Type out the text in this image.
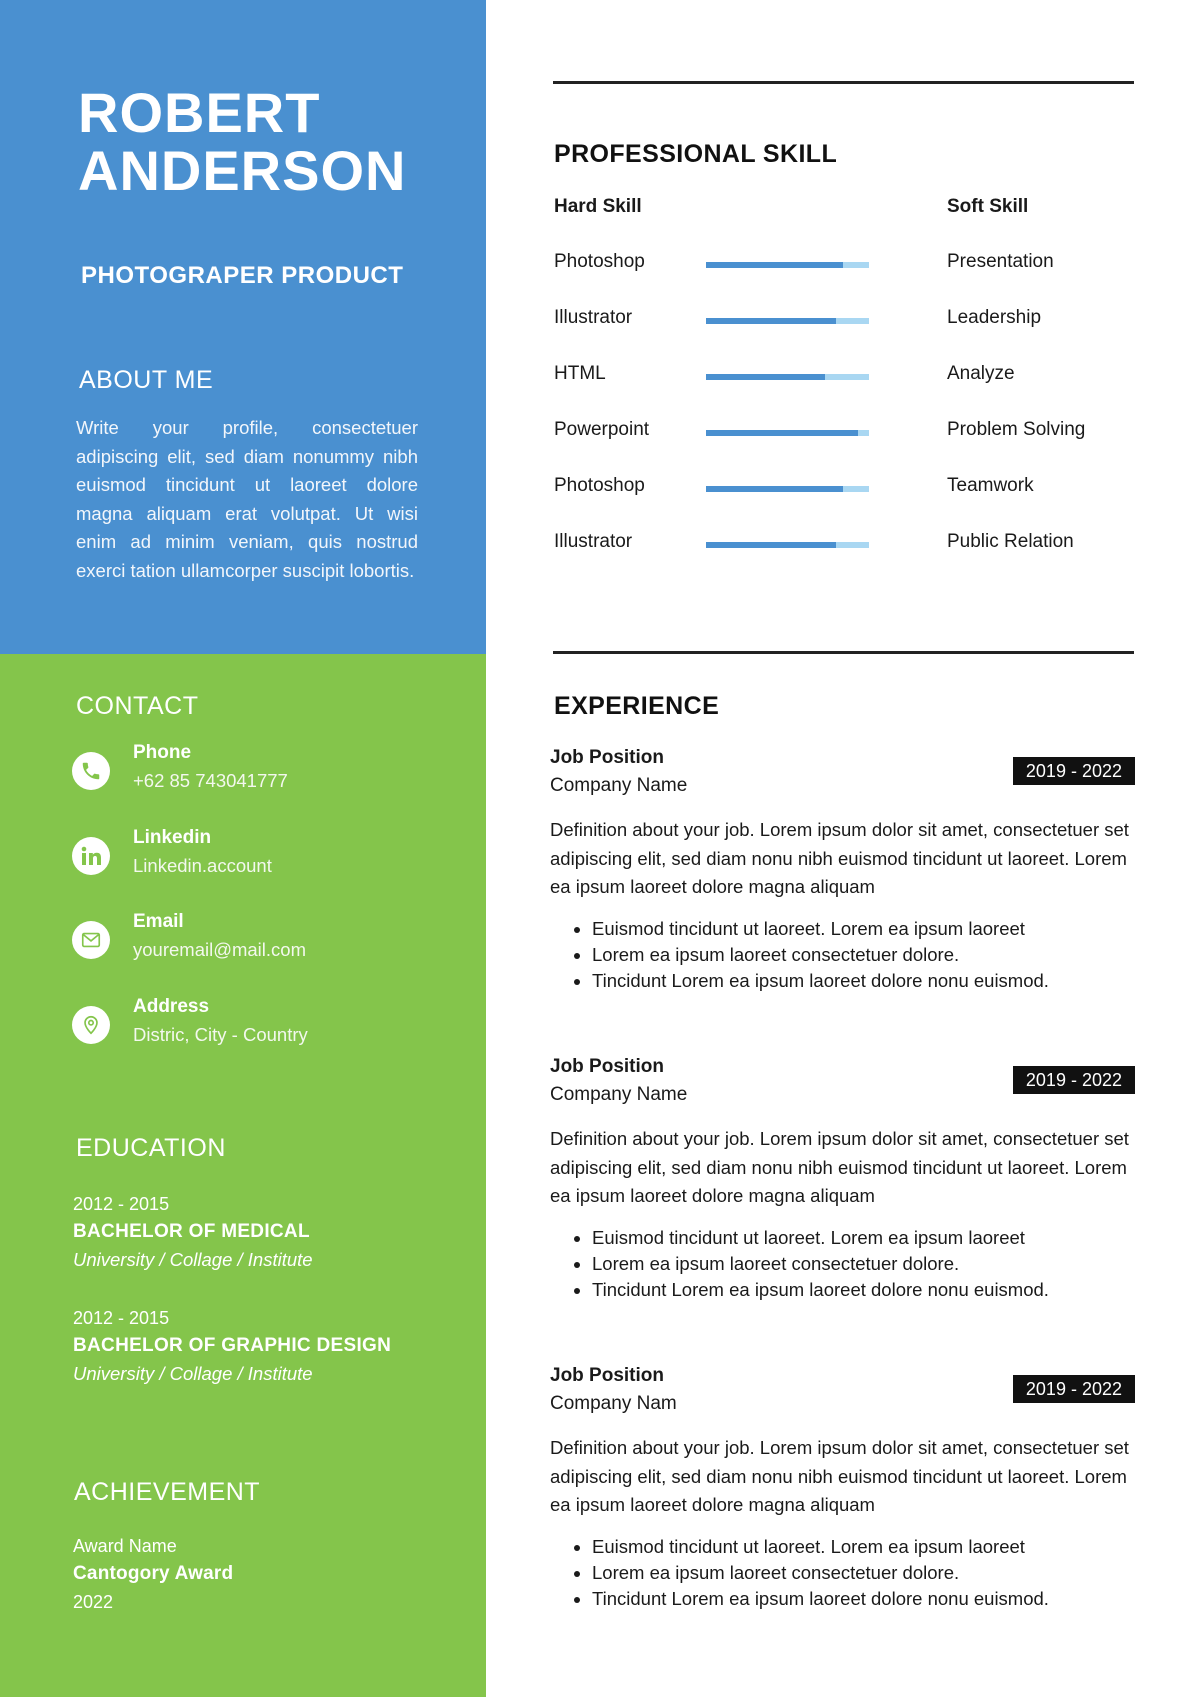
ROBERT
ANDERSON
PHOTOGRAPER PRODUCT
ABOUT ME
Write your profile, consectetuer adipiscing elit, sed diam nonummy nibh euismod tincidunt ut laoreet dolore magna aliquam erat volutpat. Ut wisi enim ad minim veniam, quis nostrud exerci tation ullamcorper suscipit lobortis.
CONTACT
Phone
+62 85 743041777
Linkedin
Linkedin.account
Email
youremail@mail.com
Address
Distric, City - Country
EDUCATION
2012 - 2015
BACHELOR OF MEDICAL
University / Collage / Institute
2012 - 2015
BACHELOR OF GRAPHIC DESIGN
University / Collage / Institute
ACHIEVEMENT
Award Name
Cantogory Award
2022
PROFESSIONAL SKILL
Hard Skill	Soft Skill
Photoshop	Presentation
Illustrator	Leadership
HTML	Analyze
Powerpoint	Problem Solving
Photoshop	Teamwork
Illustrator	Public Relation
EXPERIENCE
Job Position
Company Name
2019 - 2022
Definition about your job. Lorem ipsum dolor sit amet, consectetuer set adipiscing elit, sed diam nonu nibh euismod tincidunt ut laoreet. Lorem ea ipsum laoreet dolore magna aliquam
• Euismod tincidunt ut laoreet. Lorem ea ipsum laoreet
• Lorem ea ipsum laoreet consectetuer dolore.
• Tincidunt Lorem ea ipsum laoreet dolore nonu euismod.
Job Position
Company Name
2019 - 2022
Definition about your job. Lorem ipsum dolor sit amet, consectetuer set adipiscing elit, sed diam nonu nibh euismod tincidunt ut laoreet. Lorem ea ipsum laoreet dolore magna aliquam
• Euismod tincidunt ut laoreet. Lorem ea ipsum laoreet
• Lorem ea ipsum laoreet consectetuer dolore.
• Tincidunt Lorem ea ipsum laoreet dolore nonu euismod.
Job Position
Company Nam
2019 - 2022
Definition about your job. Lorem ipsum dolor sit amet, consectetuer set adipiscing elit, sed diam nonu nibh euismod tincidunt ut laoreet. Lorem ea ipsum laoreet dolore magna aliquam
• Euismod tincidunt ut laoreet. Lorem ea ipsum laoreet
• Lorem ea ipsum laoreet consectetuer dolore.
• Tincidunt Lorem ea ipsum laoreet dolore nonu euismod.
